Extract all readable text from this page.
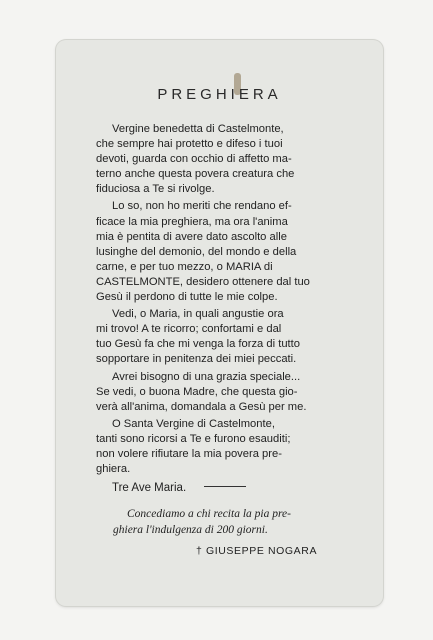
PREGHIERA

Vergine benedetta di Castelmonte,
che sempre hai protetto e difeso i tuoi
devoti, guarda con occhio di affetto ma-
terno anche questa povera creatura che
fiduciosa a Te si rivolge.

Lo so, non ho meriti che rendano ef-
ficace la mia preghiera, ma ora l'anima
mia è pentita di avere dato ascolto alle
lusinghe del demonio, del mondo e della
carne, e per tuo mezzo, o MARIA di
CASTELMONTE, desidero ottenere dal tuo
Gesù il perdono di tutte le mie colpe.

Vedi, o Maria, in quali angustie ora
mi trovo! A te ricorro; confortami e dal
tuo Gesù fa che mi venga la forza di tutto
sopportare in penitenza dei miei peccati.

Avrei bisogno di una grazia speciale...
Se vedi, o buona Madre, che questa gio-
verà all'anima, domandala a Gesù per me.

O Santa Vergine di Castelmonte,
tanti sono ricorsi a Te e furono esauditi;
non volere rifiutare la mia povera pre-
ghiera.

Tre Ave Maria.

Concediamo a chi recita la pia pre-
ghiera l'indulgenza di 200 giorni.
† GIUSEPPE NOGARA
